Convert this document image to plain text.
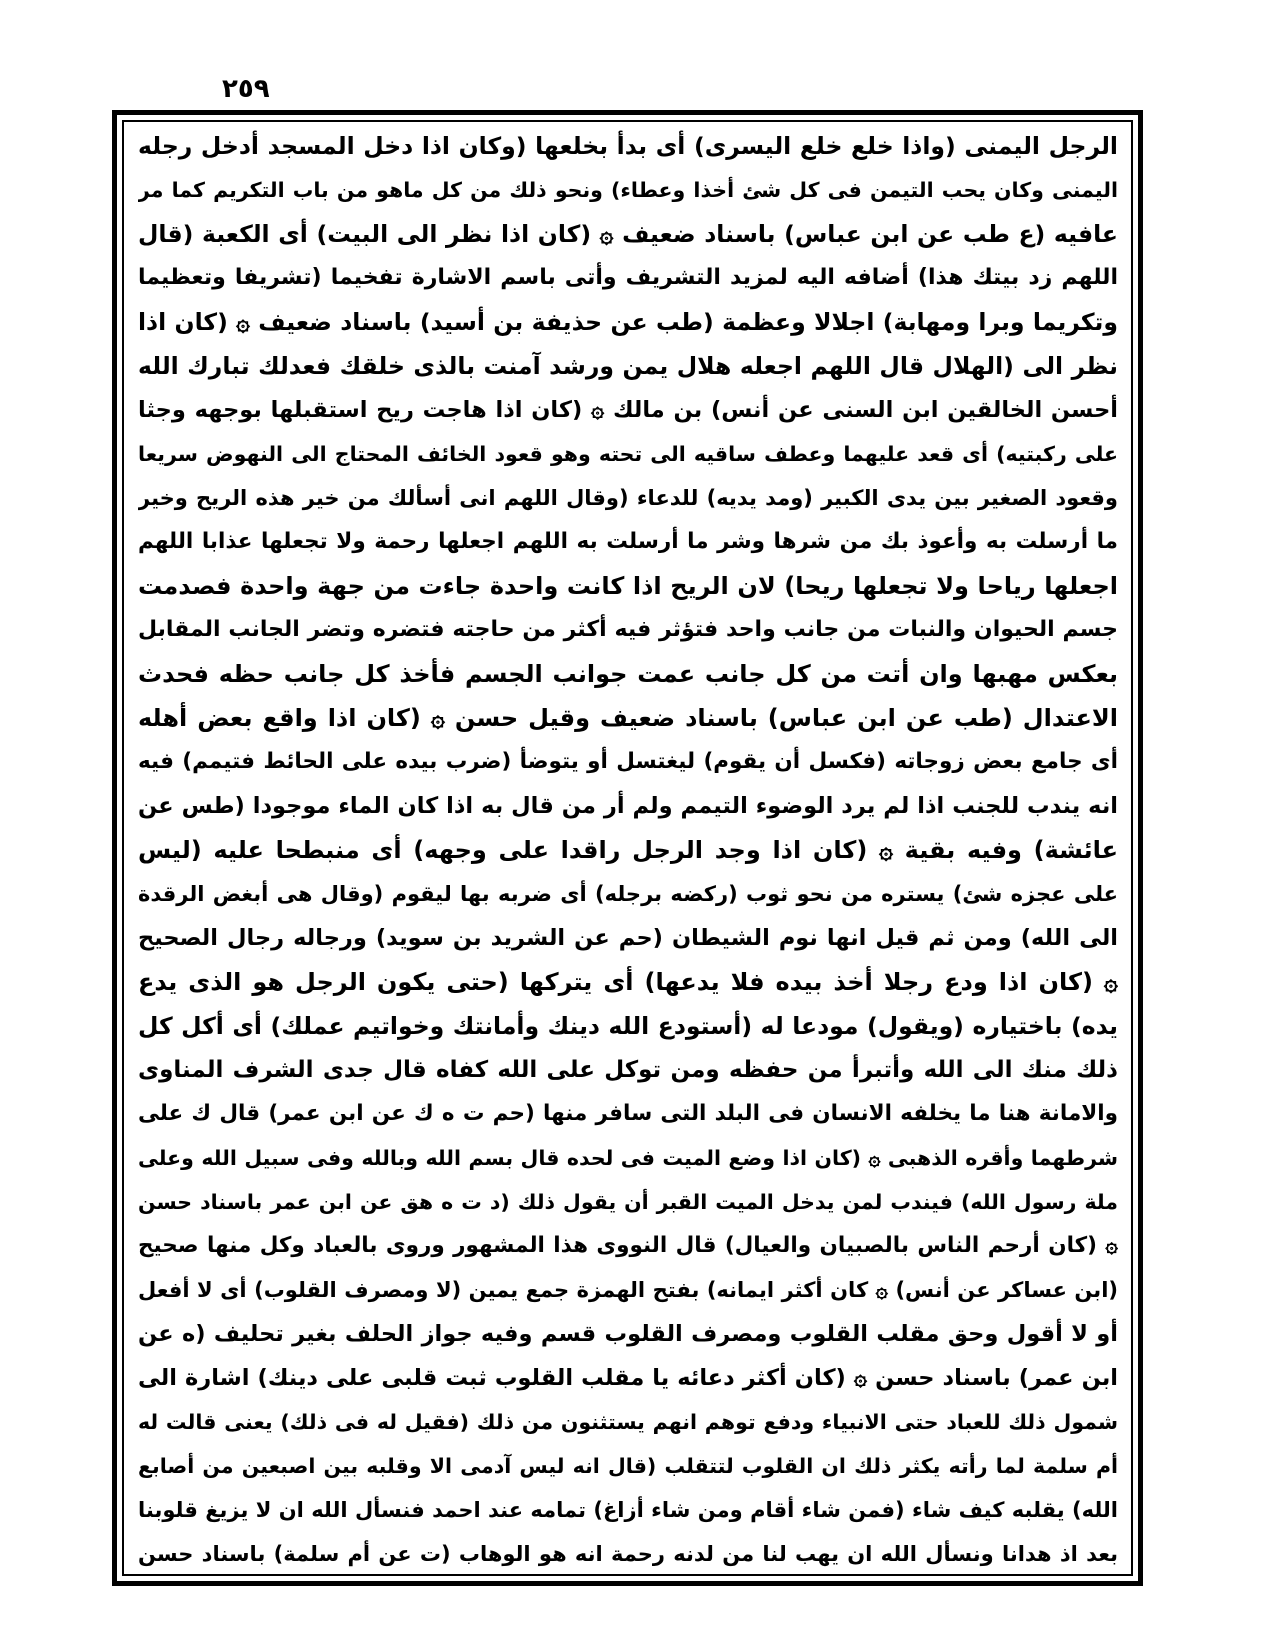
٢٥٩
الرجل اليمنى (واذا خلع خلع اليسرى) أى بدأ بخلعها (وكان اذا دخل المسجد أدخل رجله
اليمنى وكان يحب التيمن فى كل شئ أخذا وعطاء) ونحو ذلك من كل ماهو من باب التكريم كما مر
عافيه (ع طب عن ابن عباس) باسناد ضعيف ۞ (كان اذا نظر الى البيت) أى الكعبة (قال
اللهم زد بيتك هذا) أضافه اليه لمزيد التشريف وأتى باسم الاشارة تفخيما (تشريفا وتعظيما
وتكريما وبرا ومهابة) اجلالا وعظمة (طب عن حذيفة بن أسيد) باسناد ضعيف ۞ (كان اذا
نظر الى (الهلال قال اللهم اجعله هلال يمن ورشد آمنت بالذى خلقك فعدلك تبارك الله
أحسن الخالقين ابن السنى عن أنس) بن مالك ۞ (كان اذا هاجت ريح استقبلها بوجهه وجثا
على ركبتيه) أى قعد عليهما وعطف ساقيه الى تحته وهو قعود الخائف المحتاج الى النهوض سريعا
وقعود الصغير بين يدى الكبير (ومد يديه) للدعاء (وقال اللهم انى أسألك من خير هذه الريح وخير
ما أرسلت به وأعوذ بك من شرها وشر ما أرسلت به اللهم اجعلها رحمة ولا تجعلها عذابا اللهم
اجعلها رياحا ولا تجعلها ريحا) لان الريح اذا كانت واحدة جاءت من جهة واحدة فصدمت
جسم الحيوان والنبات من جانب واحد فتؤثر فيه أكثر من حاجته فتضره وتضر الجانب المقابل
بعكس مهبها وان أتت من كل جانب عمت جوانب الجسم فأخذ كل جانب حظه فحدث
الاعتدال (طب عن ابن عباس) باسناد ضعيف وقيل حسن ۞ (كان اذا واقع بعض أهله
أى جامع بعض زوجاته (فكسل أن يقوم) ليغتسل أو يتوضأ (ضرب بيده على الحائط فتيمم) فيه
انه يندب للجنب اذا لم يرد الوضوء التيمم ولم أر من قال به اذا كان الماء موجودا (طس عن
عائشة) وفيه بقية ۞ (كان اذا وجد الرجل راقدا على وجهه) أى منبطحا عليه (ليس
على عجزه شئ) يستره من نحو ثوب (ركضه برجله) أى ضربه بها ليقوم (وقال هى أبغض الرقدة
الى الله) ومن ثم قيل انها نوم الشيطان (حم عن الشريد بن سويد) ورجاله رجال الصحيح
۞ (كان اذا ودع رجلا أخذ بيده فلا يدعها) أى يتركها (حتى يكون الرجل هو الذى يدع
يده) باختياره (ويقول) مودعا له (أستودع الله دينك وأمانتك وخواتيم عملك) أى أكل كل
ذلك منك الى الله وأتبرأ من حفظه ومن توكل على الله كفاه قال جدى الشرف المناوى
والامانة هنا ما يخلفه الانسان فى البلد التى سافر منها (حم ت ه ك عن ابن عمر) قال ك على
شرطهما وأقره الذهبى ۞ (كان اذا وضع الميت فى لحده قال بسم الله وبالله وفى سبيل الله وعلى
ملة رسول الله) فيندب لمن يدخل الميت القبر أن يقول ذلك (د ت ه هق عن ابن عمر باسناد حسن
۞ (كان أرحم الناس بالصبيان والعيال) قال النووى هذا المشهور وروى بالعباد وكل منها صحيح
(ابن عساكر عن أنس) ۞ كان أكثر ايمانه) بفتح الهمزة جمع يمين (لا ومصرف القلوب) أى لا أفعل
أو لا أقول وحق مقلب القلوب ومصرف القلوب قسم وفيه جواز الحلف بغير تحليف (ه عن
ابن عمر) باسناد حسن ۞ (كان أكثر دعائه يا مقلب القلوب ثبت قلبى على دينك) اشارة الى
شمول ذلك للعباد حتى الانبياء ودفع توهم انهم يستثنون من ذلك (فقيل له فى ذلك) يعنى قالت له
أم سلمة لما رأته يكثر ذلك ان القلوب لتتقلب (قال انه ليس آدمى الا وقلبه بين اصبعين من أصابع
الله) يقلبه كيف شاء (فمن شاء أقام ومن شاء أزاغ) تمامه عند احمد فنسأل الله ان لا يزيغ قلوبنا
بعد اذ هدانا ونسأل الله ان يهب لنا من لدنه رحمة انه هو الوهاب (ت عن أم سلمة) باسناد حسن
